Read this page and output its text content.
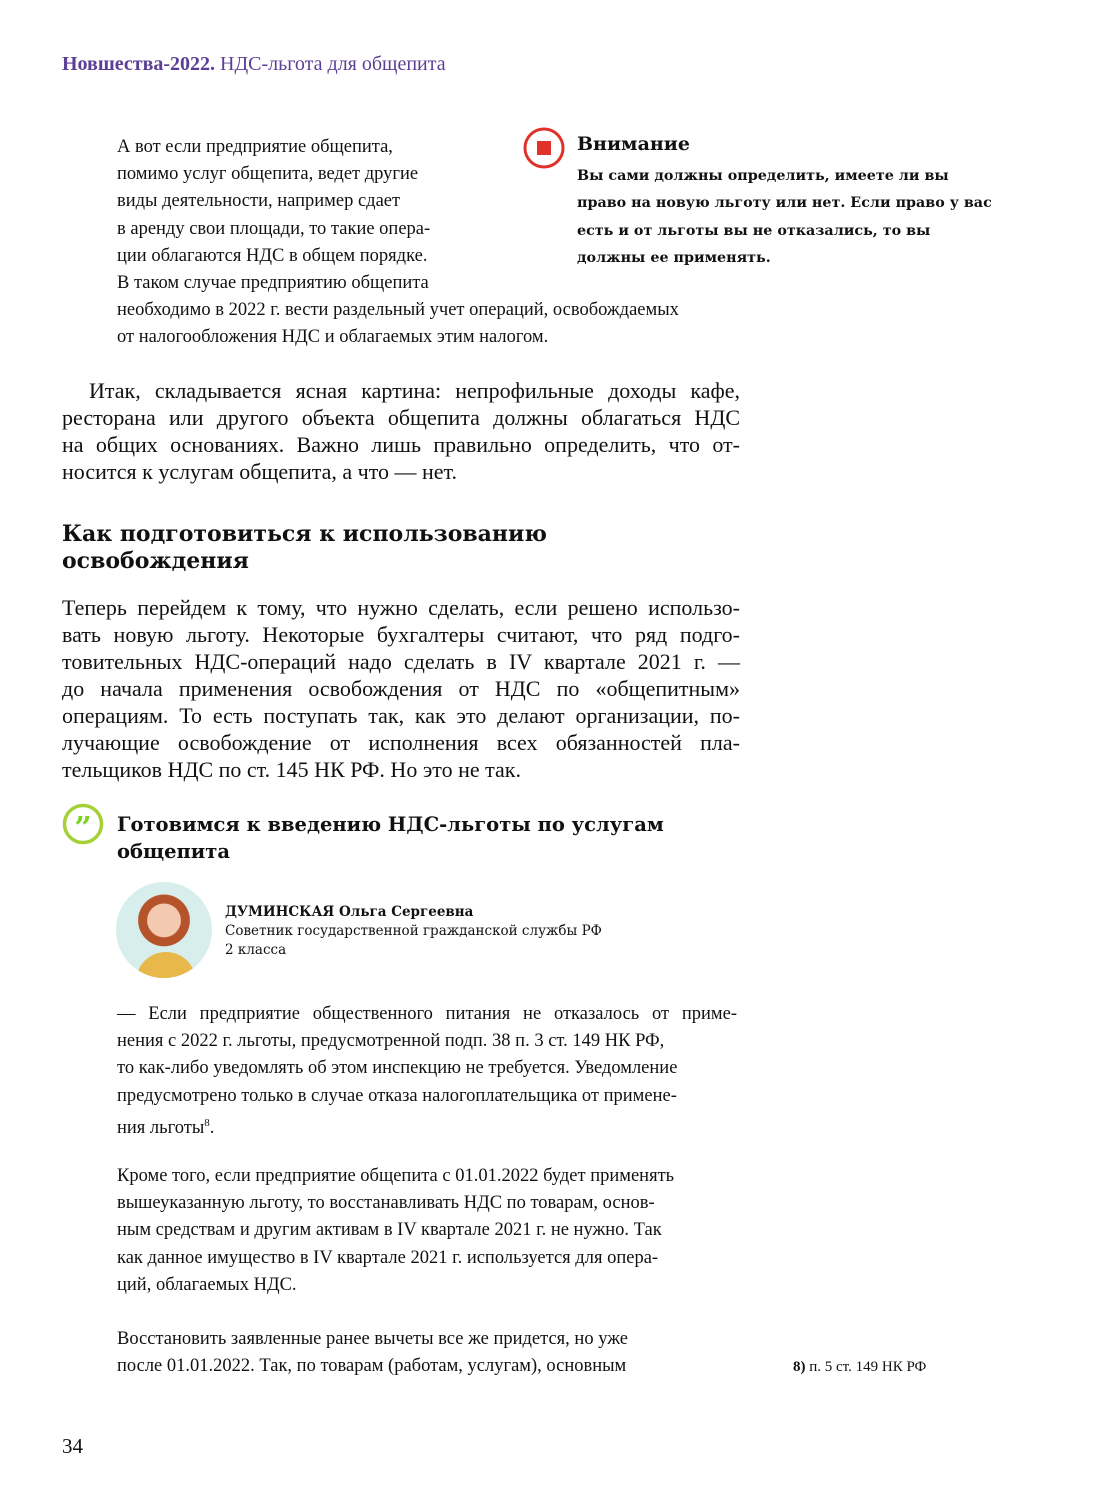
Новшества-2022. НДС-льгота для общепита
А вот если предприятие общепита,
помимо услуг общепита, ведет другие
виды деятельности, например сдает
в аренду свои площади, то такие опера-
ции облагаются НДС в общем порядке.
В таком случае предприятию общепита
необходимо в 2022 г. вести раздельный учет операций, освобождаемых
от налогообложения НДС и облагаемых этим налогом.
Внимание
Вы сами должны определить, имеете ли вы
право на новую льготу или нет. Если право у вас
есть и от льготы вы не отказались, то вы
должны ее применять.
Итак, складывается ясная картина: непрофильные доходы кафе,
ресторана или другого объекта общепита должны облагаться НДС
на общих основаниях. Важно лишь правильно определить, что от-
носится к услугам общепита, а что — нет.
Как подготовиться к использованию
освобождения
Теперь перейдем к тому, что нужно сделать, если решено использо-
вать новую льготу. Некоторые бухгалтеры считают, что ряд подго-
товительных НДС-операций надо сделать в IV квартале 2021 г. —
до начала применения освобождения от НДС по «общепитным»
операциям. То есть поступать так, как это делают организации, по-
лучающие освобождение от исполнения всех обязанностей пла-
тельщиков НДС по ст. 145 НК РФ. Но это не так.
” Готовимся к введению НДС-льготы по услугам
общепита
ДУМИНСКАЯ Ольга Сергеевна
Советник государственной гражданской службы РФ
2 класса
— Если предприятие общественного питания не отказалось от приме-
нения с 2022 г. льготы, предусмотренной подп. 38 п. 3 ст. 149 НК РФ,
то как-либо уведомлять об этом инспекцию не требуется. Уведомление
предусмотрено только в случае отказа налогоплательщика от примене-
ния льготы$^8$.
Кроме того, если предприятие общепита с 01.01.2022 будет применять
вышеуказанную льготу, то восстанавливать НДС по товарам, основ-
ным средствам и другим активам в IV квартале 2021 г. не нужно. Так
как данное имущество в IV квартале 2021 г. используется для опера-
ций, облагаемых НДС.
Восстановить заявленные ранее вычеты все же придется, но уже
после 01.01.2022. Так, по товарам (работам, услугам), основным	8) п. 5 ст. 149 НК РФ
34
